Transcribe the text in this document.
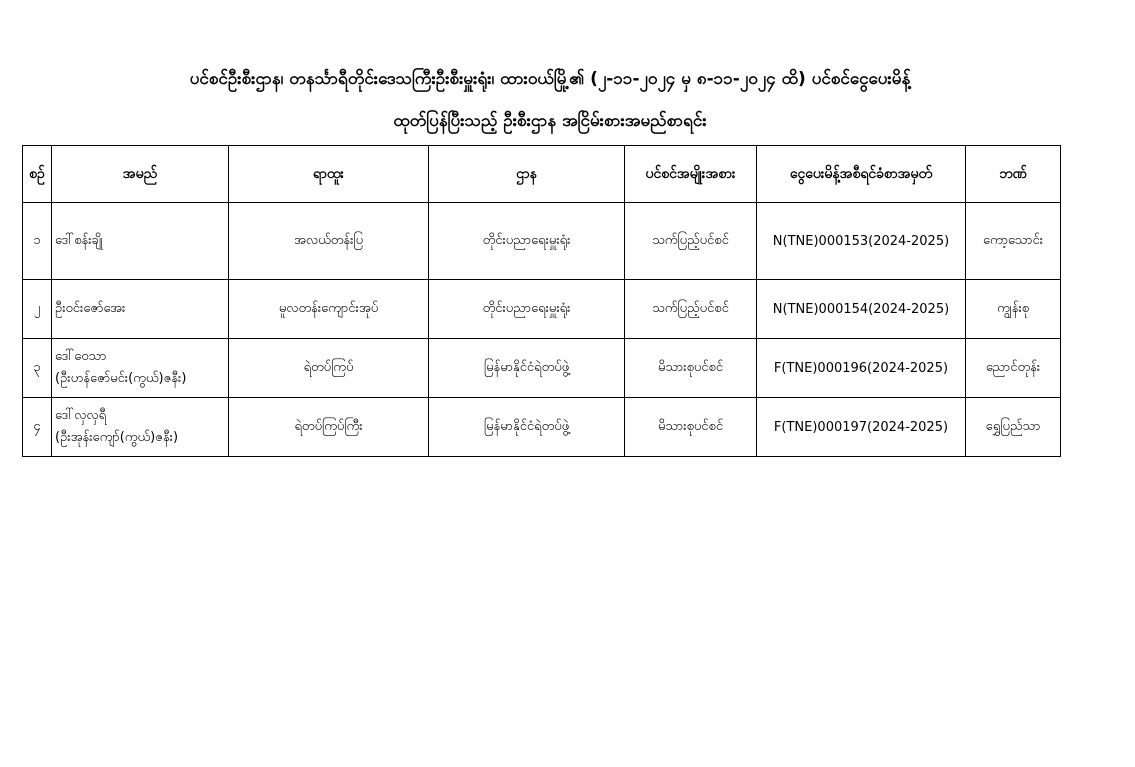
ပင်စင်ဦးစီးဌာန၊ တနင်္သာရီတိုင်းဒေသကြီးဦးစီးမှူးရုံး၊ ထားဝယ်မြို့၏ (၂-၁၁-၂၀၂၄ မှ ၈-၁၁-၂၀၂၄ ထိ) ပင်စင်ငွေပေးမိန့်
ထုတ်ပြန်ပြီးသည့် ဦးစီးဌာန အငြိမ်းစားအမည်စာရင်း
စဉ်	အမည်	ရာထူး	ဌာန	ပင်စင်အမျိုးအစား	ငွေပေးမိန့်အစီရင်ခံစာအမှတ်	ဘဏ်
၁	ဒေါ်စန်းချို	အလယ်တန်းပြ	တိုင်းပညာရေးမှူးရုံး	သက်ပြည့်ပင်စင်	N(TNE)000153(2024-2025)	ကော့သောင်း
၂	ဦးဝင်းဇော်အေး	မူလတန်းကျောင်းအုပ်	တိုင်းပညာရေးမှူးရုံး	သက်ပြည့်ပင်စင်	N(TNE)000154(2024-2025)	ကျွန်းစု
၃	ဒေါ်ဝေသာ
(ဦးဟန်ဇော်မင်း(ကွယ်)ဇနီး)	ရဲတပ်ကြပ်	မြန်မာနိုင်ငံရဲတပ်ဖွဲ့	မိသားစုပင်စင်	F(TNE)000196(2024-2025)	ညောင်တုန်း
၄	ဒေါ်လှလှရီ
(ဦးအုန်းကျော်(ကွယ်)ဇနီး)	ရဲတပ်ကြပ်ကြီး	မြန်မာနိုင်ငံရဲတပ်ဖွဲ့	မိသားစုပင်စင်	F(TNE)000197(2024-2025)	ရွှေပြည်သာ
